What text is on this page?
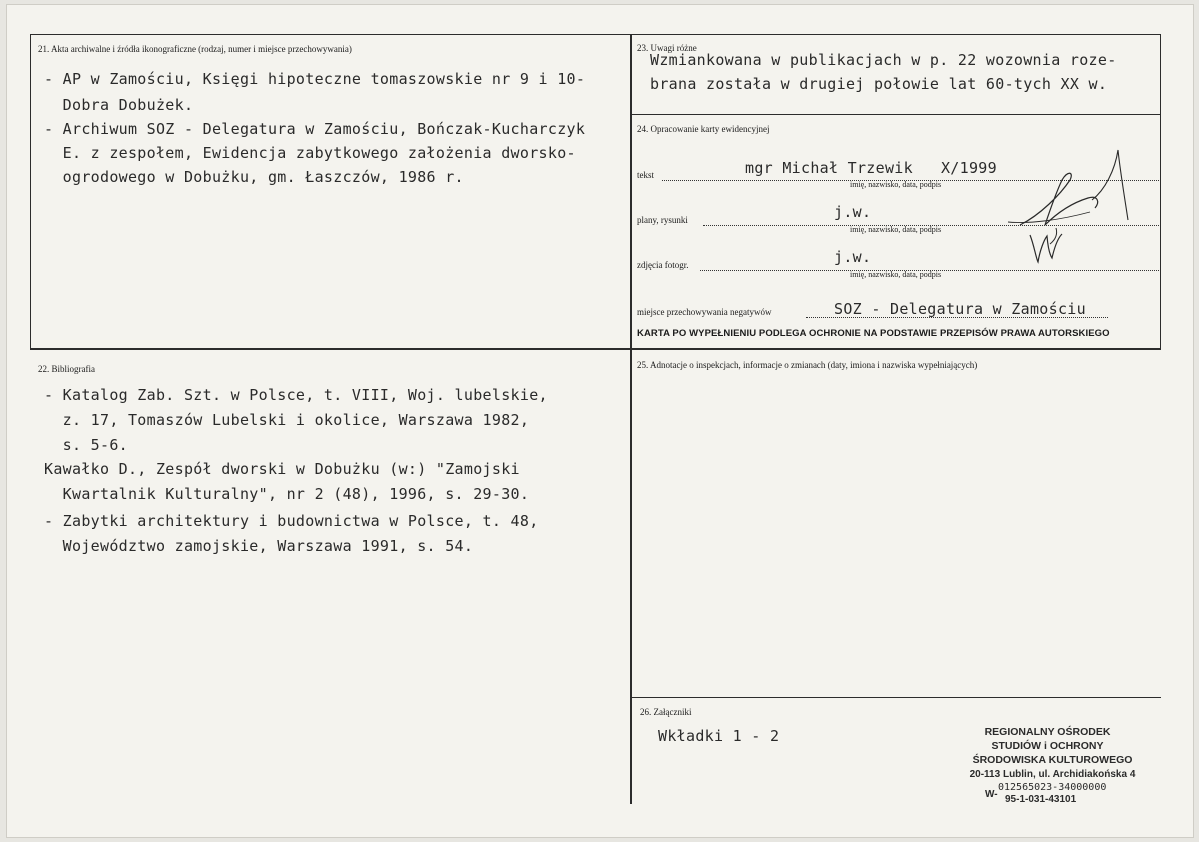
21. Akta archiwalne i źródła ikonograficzne (rodzaj, numer i miejsce przechowywania)
- AP w Zamościu, Księgi hipoteczne tomaszowskie nr 9 i 10-
Dobra Dobużek.
- Archiwum SOZ - Delegatura w Zamościu, Bończak-Kucharczyk
E. z zespołem, Ewidencja zabytkowego założenia dworsko-
ogrodowego w Dobużku, gm. Łaszczów, 1986 r.
22. Bibliografia
- Katalog Zab. Szt. w Polsce, t. VIII, Woj. lubelskie,
z. 17, Tomaszów Lubelski i okolice, Warszawa 1982,
s. 5-6.
Kawałko D., Zespół dworski w Dobużku (w:) "Zamojski
Kwartalnik Kulturalny", nr 2 (48), 1996, s. 29-30.
- Zabytki architektury i budownictwa w Polsce, t. 48,
Województwo zamojskie, Warszawa 1991, s. 54.
23. Uwagi różne
Wzmiankowana w publikacjach w p. 22 wozownia roze-
brana została w drugiej połowie lat 60-tych XX w.
24. Opracowanie karty ewidencyjnej
tekst	mgr Michał Trzewik   X/1999
imię, nazwisko, data, podpis
plany, rysunki	j.w.
imię, nazwisko, data, podpis
zdjęcia fotogr.	j.w.
imię, nazwisko, data, podpis
miejsce przechowywania negatywów	SOZ - Delegatura w Zamościu
KARTA PO WYPEŁNIENIU PODLEGA OCHRONIE NA PODSTAWIE PRZEPISÓW PRAWA AUTORSKIEGO
25. Adnotacje o inspekcjach, informacje o zmianach (daty, imiona i nazwiska wypełniających)
26. Załączniki
Wkładki 1 - 2	REGIONALNY OŚRODEK
STUDIÓW i OCHRONY
ŚRODOWISKA KULTUROWEGO
20-113 Lublin, ul. Archidiakońska 4
W-
012565023-34000000
95-1-031-43101
